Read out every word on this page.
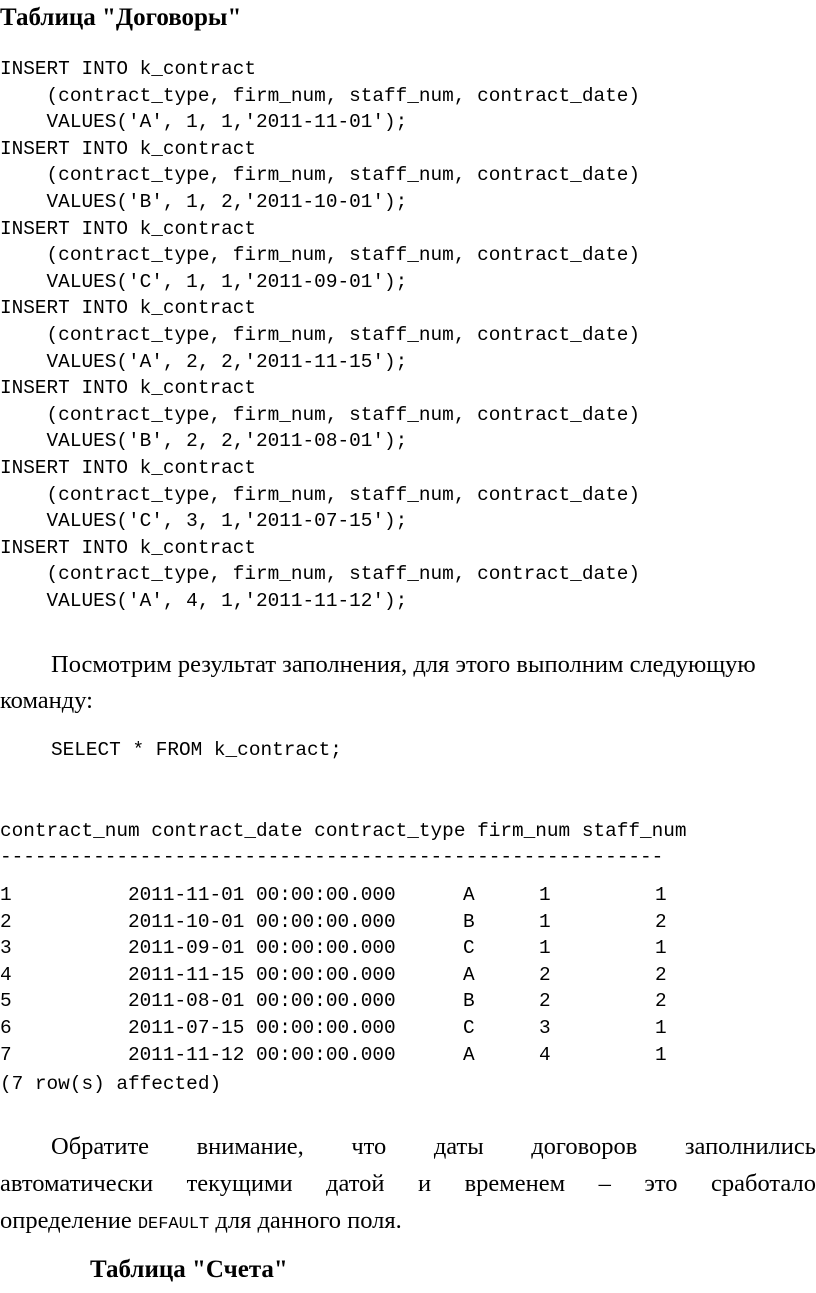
Таблица "Договоры"
INSERT INTO k_contract
(contract_type, firm_num, staff_num, contract_date)
VALUES('A', 1, 1,'2011-11-01');
INSERT INTO k_contract
(contract_type, firm_num, staff_num, contract_date)
VALUES('B', 1, 2,'2011-10-01');
INSERT INTO k_contract
(contract_type, firm_num, staff_num, contract_date)
VALUES('C', 1, 1,'2011-09-01');
INSERT INTO k_contract
(contract_type, firm_num, staff_num, contract_date)
VALUES('A', 2, 2,'2011-11-15');
INSERT INTO k_contract
(contract_type, firm_num, staff_num, contract_date)
VALUES('B', 2, 2,'2011-08-01');
INSERT INTO k_contract
(contract_type, firm_num, staff_num, contract_date)
VALUES('C', 3, 1,'2011-07-15');
INSERT INTO k_contract
(contract_type, firm_num, staff_num, contract_date)
VALUES('A', 4, 1,'2011-11-12');
Посмотрим результат заполнения, для этого выполним следующую
команду:
SELECT * FROM k_contract;

contract_num contract_date contract_type firm_num staff_num

---------------------------------------------------------

1	2011-11-01 00:00:00.000	A	1	1
2	2011-10-01 00:00:00.000	B	1	2
3	2011-09-01 00:00:00.000	C	1	1
4	2011-11-15 00:00:00.000	A	2	2
5	2011-08-01 00:00:00.000	B	2	2
6	2011-07-15 00:00:00.000	C	3	1
7	2011-11-12 00:00:00.000	A	4	1

(7 row(s) affected)
Обратите внимание, что даты договоров заполнились
автоматически текущими датой и временем – это сработало
определение DEFAULT для данного поля.
Таблица "Счета"
